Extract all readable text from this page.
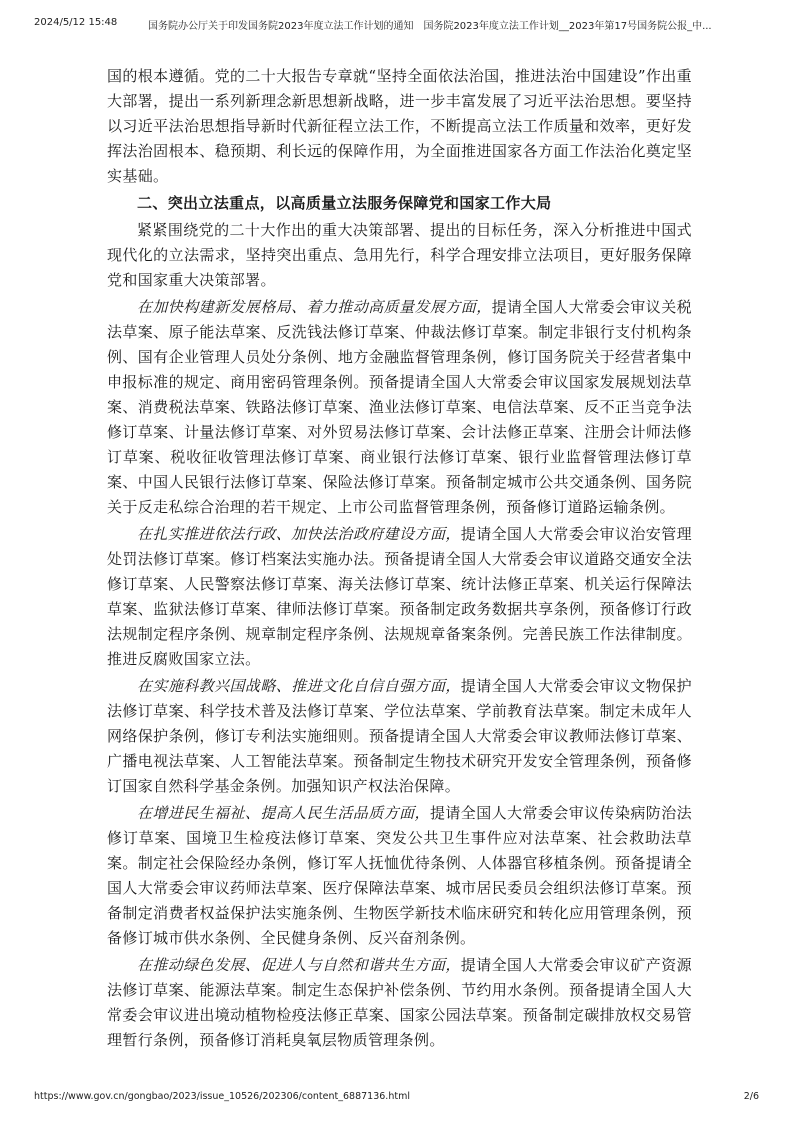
2024/5/12 15:48	国务院办公厅关于印发国务院2023年度立法工作计划的通知　国务院2023年度立法工作计划__2023年第17号国务院公报_中...

国的根本遵循。党的二十大报告专章就“坚持全面依法治国，推进法治中国建设”作出重大部署，提出一系列新理念新思想新战略，进一步丰富发展了习近平法治思想。要坚持以习近平法治思想指导新时代新征程立法工作，不断提高立法工作质量和效率，更好发挥法治固根本、稳预期、利长远的保障作用，为全面推进国家各方面工作法治化奠定坚实基础。

二、突出立法重点，以高质量立法服务保障党和国家工作大局

紧紧围绕党的二十大作出的重大决策部署、提出的目标任务，深入分析推进中国式现代化的立法需求，坚持突出重点、急用先行，科学合理安排立法项目，更好服务保障党和国家重大决策部署。

在加快构建新发展格局、着力推动高质量发展方面，提请全国人大常委会审议关税法草案、原子能法草案、反洗钱法修订草案、仲裁法修订草案。制定非银行支付机构条例、国有企业管理人员处分条例、地方金融监督管理条例，修订国务院关于经营者集中申报标准的规定、商用密码管理条例。预备提请全国人大常委会审议国家发展规划法草案、消费税法草案、铁路法修订草案、渔业法修订草案、电信法草案、反不正当竞争法修订草案、计量法修订草案、对外贸易法修订草案、会计法修正草案、注册会计师法修订草案、税收征收管理法修订草案、商业银行法修订草案、银行业监督管理法修订草案、中国人民银行法修订草案、保险法修订草案。预备制定城市公共交通条例、国务院关于反走私综合治理的若干规定、上市公司监督管理条例，预备修订道路运输条例。

在扎实推进依法行政、加快法治政府建设方面，提请全国人大常委会审议治安管理处罚法修订草案。修订档案法实施办法。预备提请全国人大常委会审议道路交通安全法修订草案、人民警察法修订草案、海关法修订草案、统计法修正草案、机关运行保障法草案、监狱法修订草案、律师法修订草案。预备制定政务数据共享条例，预备修订行政法规制定程序条例、规章制定程序条例、法规规章备案条例。完善民族工作法律制度。推进反腐败国家立法。

在实施科教兴国战略、推进文化自信自强方面，提请全国人大常委会审议文物保护法修订草案、科学技术普及法修订草案、学位法草案、学前教育法草案。制定未成年人网络保护条例，修订专利法实施细则。预备提请全国人大常委会审议教师法修订草案、广播电视法草案、人工智能法草案。预备制定生物技术研究开发安全管理条例，预备修订国家自然科学基金条例。加强知识产权法治保障。

在增进民生福祉、提高人民生活品质方面，提请全国人大常委会审议传染病防治法修订草案、国境卫生检疫法修订草案、突发公共卫生事件应对法草案、社会救助法草案。制定社会保险经办条例，修订军人抚恤优待条例、人体器官移植条例。预备提请全国人大常委会审议药师法草案、医疗保障法草案、城市居民委员会组织法修订草案。预备制定消费者权益保护法实施条例、生物医学新技术临床研究和转化应用管理条例，预备修订城市供水条例、全民健身条例、反兴奋剂条例。

在推动绿色发展、促进人与自然和谐共生方面，提请全国人大常委会审议矿产资源法修订草案、能源法草案。制定生态保护补偿条例、节约用水条例。预备提请全国人大常委会审议进出境动植物检疫法修正草案、国家公园法草案。预备制定碳排放权交易管理暂行条例，预备修订消耗臭氧层物质管理条例。

https://www.gov.cn/gongbao/2023/issue_10526/202306/content_6887136.html	2/6
